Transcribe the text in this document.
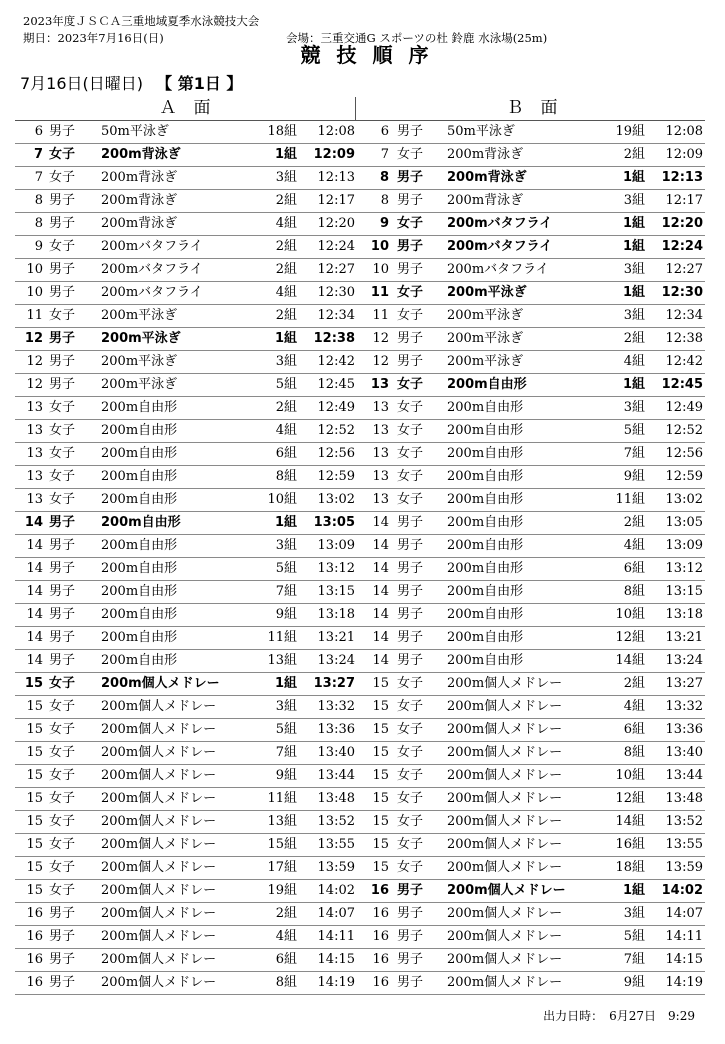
2023年度ＪＳＣＡ三重地域夏季水泳競技大会
期日：2023年7月16日(日)	会場：三重交通G スポーツの杜 鈴鹿 水泳場(25m)
競技順序
7月16日(日曜日) 【 第1日 】
Ａ　面	Ｂ　面
6 男子 50m平泳ぎ	18組	12:08	6 男子 50m平泳ぎ	19組	12:08
7 女子 200m背泳ぎ	1組	12:09	7 女子 200m背泳ぎ	2組	12:09
7 女子 200m背泳ぎ	3組	12:13	8 男子 200m背泳ぎ	1組	12:13
8 男子 200m背泳ぎ	2組	12:17	8 男子 200m背泳ぎ	3組	12:17
8 男子 200m背泳ぎ	4組	12:20	9 女子 200mバタフライ	1組	12:20
9 女子 200mバタフライ	2組	12:24	10 男子 200mバタフライ	1組	12:24
10 男子 200mバタフライ	2組	12:27	10 男子 200mバタフライ	3組	12:27
10 男子 200mバタフライ	4組	12:30	11 女子 200m平泳ぎ	1組	12:30
11 女子 200m平泳ぎ	2組	12:34	11 女子 200m平泳ぎ	3組	12:34
12 男子 200m平泳ぎ	1組	12:38	12 男子 200m平泳ぎ	2組	12:38
12 男子 200m平泳ぎ	3組	12:42	12 男子 200m平泳ぎ	4組	12:42
12 男子 200m平泳ぎ	5組	12:45	13 女子 200m自由形	1組	12:45
13 女子 200m自由形	2組	12:49	13 女子 200m自由形	3組	12:49
13 女子 200m自由形	4組	12:52	13 女子 200m自由形	5組	12:52
13 女子 200m自由形	6組	12:56	13 女子 200m自由形	7組	12:56
13 女子 200m自由形	8組	12:59	13 女子 200m自由形	9組	12:59
13 女子 200m自由形	10組	13:02	13 女子 200m自由形	11組	13:02
14 男子 200m自由形	1組	13:05	14 男子 200m自由形	2組	13:05
14 男子 200m自由形	3組	13:09	14 男子 200m自由形	4組	13:09
14 男子 200m自由形	5組	13:12	14 男子 200m自由形	6組	13:12
14 男子 200m自由形	7組	13:15	14 男子 200m自由形	8組	13:15
14 男子 200m自由形	9組	13:18	14 男子 200m自由形	10組	13:18
14 男子 200m自由形	11組	13:21	14 男子 200m自由形	12組	13:21
14 男子 200m自由形	13組	13:24	14 男子 200m自由形	14組	13:24
15 女子 200m個人メドレー	1組	13:27	15 女子 200m個人メドレー	2組	13:27
15 女子 200m個人メドレー	3組	13:32	15 女子 200m個人メドレー	4組	13:32
15 女子 200m個人メドレー	5組	13:36	15 女子 200m個人メドレー	6組	13:36
15 女子 200m個人メドレー	7組	13:40	15 女子 200m個人メドレー	8組	13:40
15 女子 200m個人メドレー	9組	13:44	15 女子 200m個人メドレー	10組	13:44
15 女子 200m個人メドレー	11組	13:48	15 女子 200m個人メドレー	12組	13:48
15 女子 200m個人メドレー	13組	13:52	15 女子 200m個人メドレー	14組	13:52
15 女子 200m個人メドレー	15組	13:55	15 女子 200m個人メドレー	16組	13:55
15 女子 200m個人メドレー	17組	13:59	15 女子 200m個人メドレー	18組	13:59
15 女子 200m個人メドレー	19組	14:02	16 男子 200m個人メドレー	1組	14:02
16 男子 200m個人メドレー	2組	14:07	16 男子 200m個人メドレー	3組	14:07
16 男子 200m個人メドレー	4組	14:11	16 男子 200m個人メドレー	5組	14:11
16 男子 200m個人メドレー	6組	14:15	16 男子 200m個人メドレー	7組	14:15
16 男子 200m個人メドレー	8組	14:19	16 男子 200m個人メドレー	9組	14:19
出力日時：　6月27日　9:29
